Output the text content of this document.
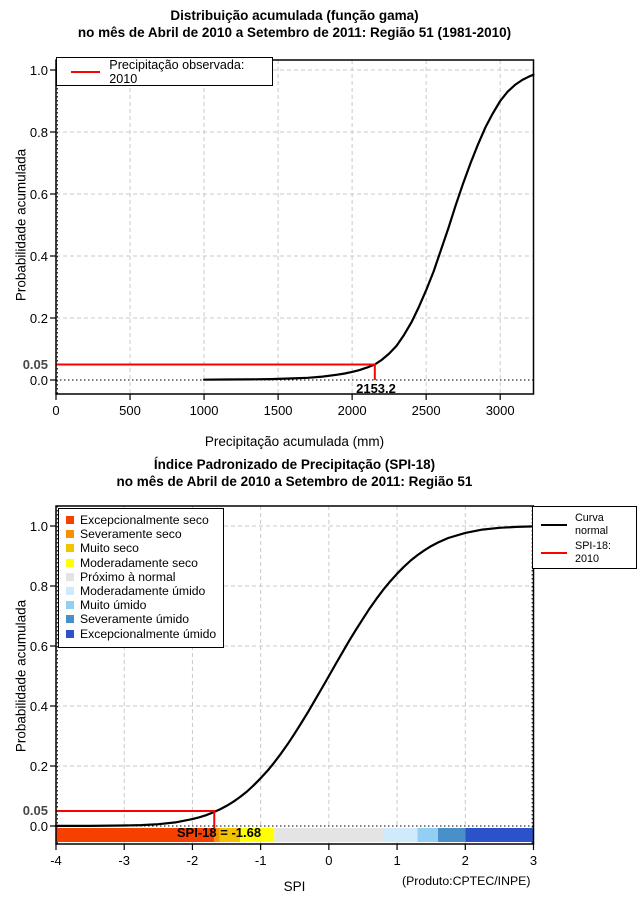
0	500	1000	1500	2000	2500	3000
0.0
0.2
0.4
0.6
0.8
1.0
-4	-3	-2	-1	0	1	2	3
0.0
0.2
0.4
0.6
0.8
1.0
Distribuição acumulada (função gama)
no mês de Abril de 2010 a Setembro de 2011: Região 51 (1981-2010)
Probabilidade acumulada
Precipitação acumulada (mm)
0.05
Precipitação observada: 2010
2153.2
Índice Padronizado de Precipitação (SPI-18)
no mês de Abril de 2010 a Setembro de 2011: Região 51
Probabilidade acumulada
SPI
0.05
Excepcionalmente seco
Severamente seco
Muito seco
Moderadamente seco
Próximo à normal
Moderadamente úmido
Muito úmido
Severamente úmido
Excepcionalmente úmido
Curva
normal
SPI-18: 2010
SPI-18 = -1.68
(Produto:CPTEC/INPE)
